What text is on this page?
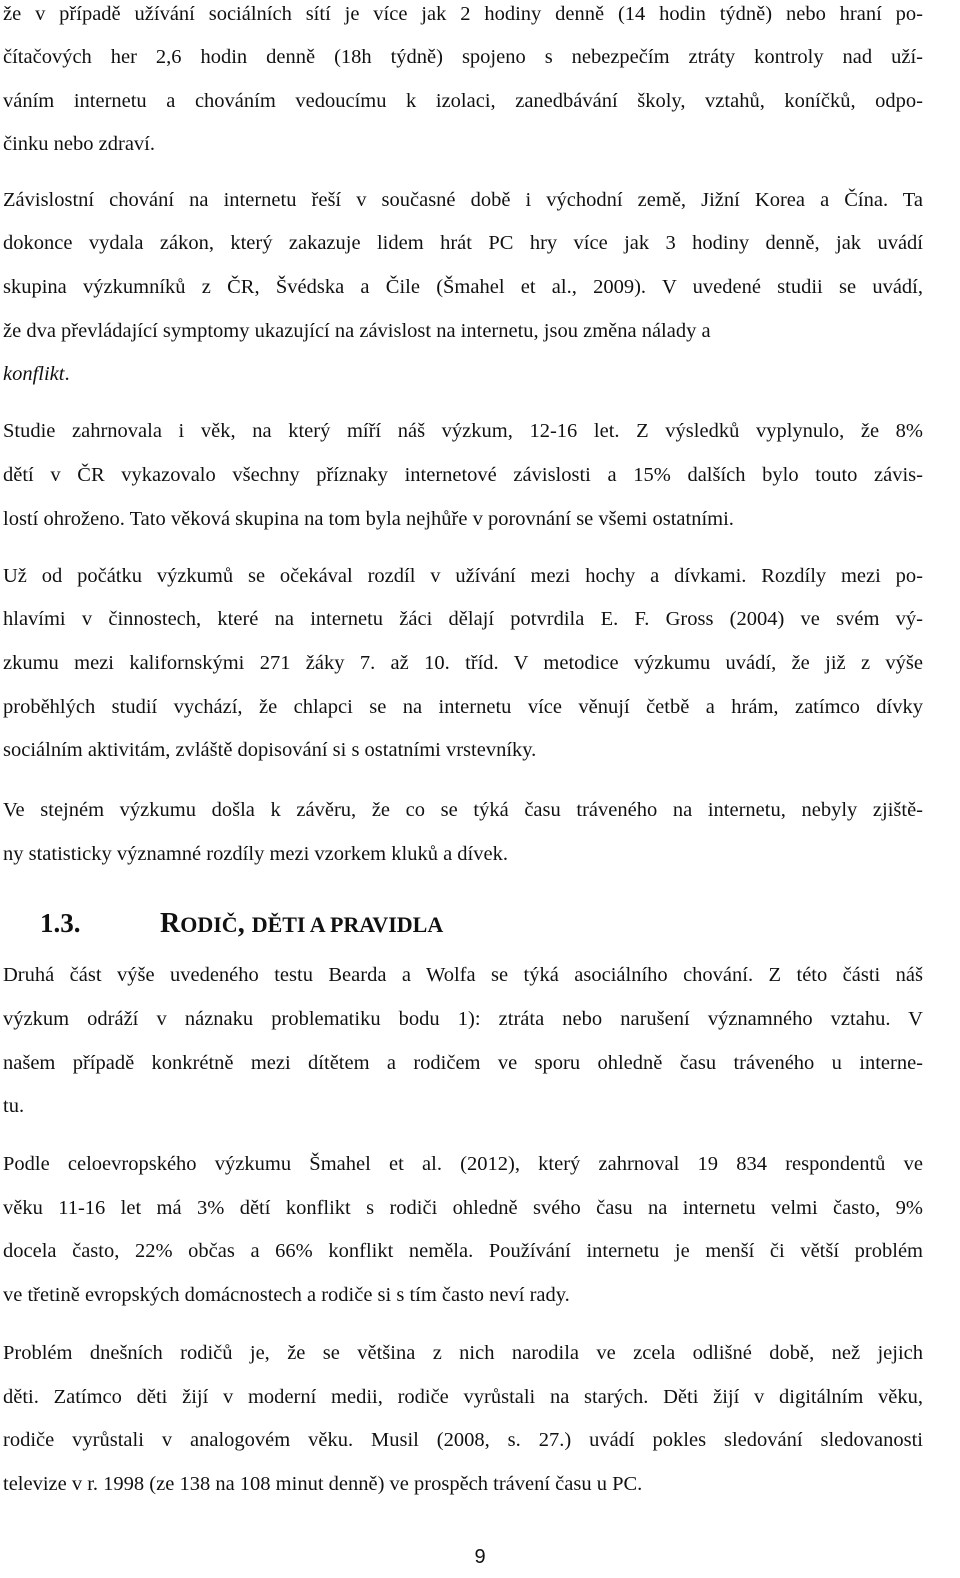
že v případě užívání sociálních sítí je více jak 2 hodiny denně (14 hodin týdně) nebo hraní po-
čítačových her 2,6 hodin denně (18h týdně) spojeno s nebezpečím ztráty kontroly nad uží-
váním internetu a chováním vedoucímu k izolaci, zanedbávání školy, vztahů, koníčků, odpo-
činku nebo zdraví.
Závislostní chování na internetu řeší v současné době i východní země, Jižní Korea a Čína. Ta
dokonce vydala zákon, který zakazuje lidem hrát PC hry více jak 3 hodiny denně, jak uvádí
skupina výzkumníků z ČR, Švédska a Čile (Šmahel et al., 2009). V uvedené studii se uvádí,
že dva převládající symptomy ukazující na závislost na internetu, jsou změna nálady a
konflikt.
Studie zahrnovala i věk, na který míří náš výzkum, 12-16 let. Z výsledků vyplynulo, že 8%
dětí v ČR vykazovalo všechny příznaky internetové závislosti a 15% dalších bylo touto závis-
lostí ohroženo. Tato věková skupina na tom byla nejhůře v porovnání se všemi ostatními.
Už od počátku výzkumů se očekával rozdíl v užívání mezi hochy a dívkami. Rozdíly mezi po-
hlavími v činnostech, které na internetu žáci dělají potvrdila E. F. Gross (2004) ve svém vý-
zkumu mezi kalifornskými 271 žáky 7. až 10. tříd. V metodice výzkumu uvádí, že již z výše
proběhlých studií vychází, že chlapci se na internetu více věnují četbě a hrám, zatímco dívky
sociálním aktivitám, zvláště dopisování si s ostatními vrstevníky.
Ve stejném výzkumu došla k závěru, že co se týká času tráveného na internetu, nebyly zjiště-
ny statisticky významné rozdíly mezi vzorkem kluků a dívek.
1.3.	RODIČ, DĚTI A PRAVIDLA
Druhá část výše uvedeného testu Bearda a Wolfa se týká asociálního chování. Z této části náš
výzkum odráží v náznaku problematiku bodu 1): ztráta nebo narušení významného vztahu. V
našem případě konkrétně mezi dítětem a rodičem ve sporu ohledně času tráveného u interne-
tu.
Podle celoevropského výzkumu Šmahel et al. (2012), který zahrnoval 19 834 respondentů ve
věku 11-16 let má 3% dětí konflikt s rodiči ohledně svého času na internetu velmi často, 9%
docela často, 22% občas a 66% konflikt neměla. Používání internetu je menší či větší problém
ve třetině evropských domácnostech a rodiče si s tím často neví rady.
Problém dnešních rodičů je, že se většina z nich narodila ve zcela odlišné době, než jejich
děti. Zatímco děti žijí v moderní medii, rodiče vyrůstali na starých. Děti žijí v digitálním věku,
rodiče vyrůstali v analogovém věku. Musil (2008, s. 27.) uvádí pokles sledování sledovanosti
televize v r. 1998 (ze 138 na 108 minut denně) ve prospěch trávení času u PC.
9
